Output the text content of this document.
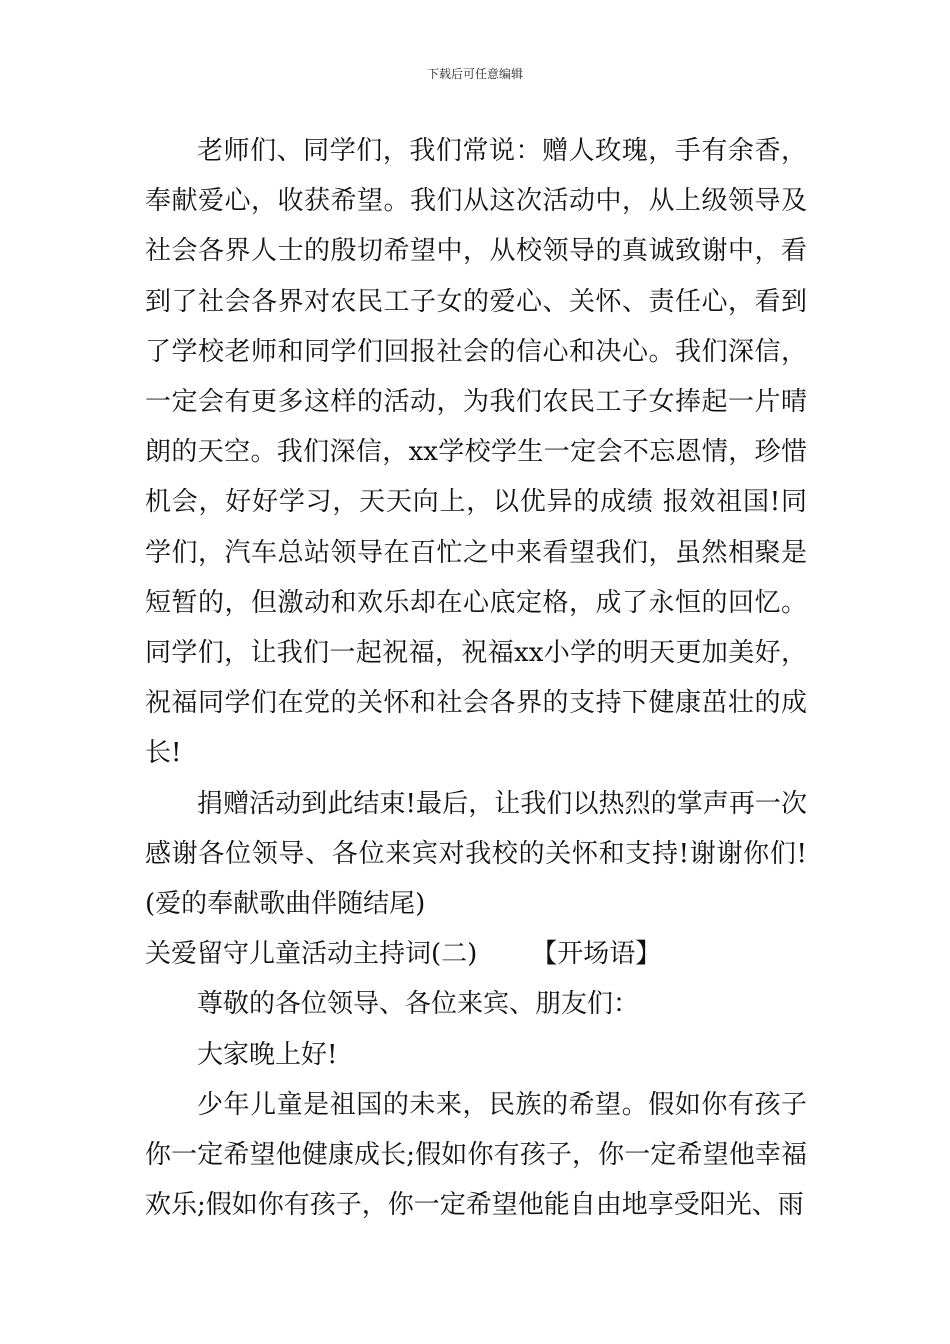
下载后可任意编辑

老师们、同学们，我们常说：赠人玫瑰，手有余香，奉献爱心，收获希望。我们从这次活动中，从上级领导及社会各界人士的殷切希望中，从校领导的真诚致谢中，看到了社会各界对农民工子女的爱心、关怀、责任心，看到了学校老师和同学们回报社会的信心和决心。我们深信，一定会有更多这样的活动，为我们农民工子女捧起一片晴朗的天空。我们深信，xx学校学生一定会不忘恩情，珍惜机会，好好学习，天天向上，以优异的成绩 报效祖国!同学们，汽车总站领导在百忙之中来看望我们，虽然相聚是短暂的，但激动和欢乐却在心底定格，成了永恒的回忆。同学们，让我们一起祝福，祝福xx小学的明天更加美好，祝福同学们在党的关怀和社会各界的支持下健康茁壮的成长!

捐赠活动到此结束!最后，让我们以热烈的掌声再一次感谢各位领导、各位来宾对我校的关怀和支持!谢谢你们!(爱的奉献歌曲伴随结尾)

关爱留守儿童活动主持词(二) 【开场语】

尊敬的各位领导、各位来宾、朋友们：

大家晚上好!

少年儿童是祖国的未来，民族的希望。假如你有孩子你一定希望他健康成长;假如你有孩子，你一定希望他幸福欢乐;假如你有孩子，你一定希望他能自由地享受阳光、雨
